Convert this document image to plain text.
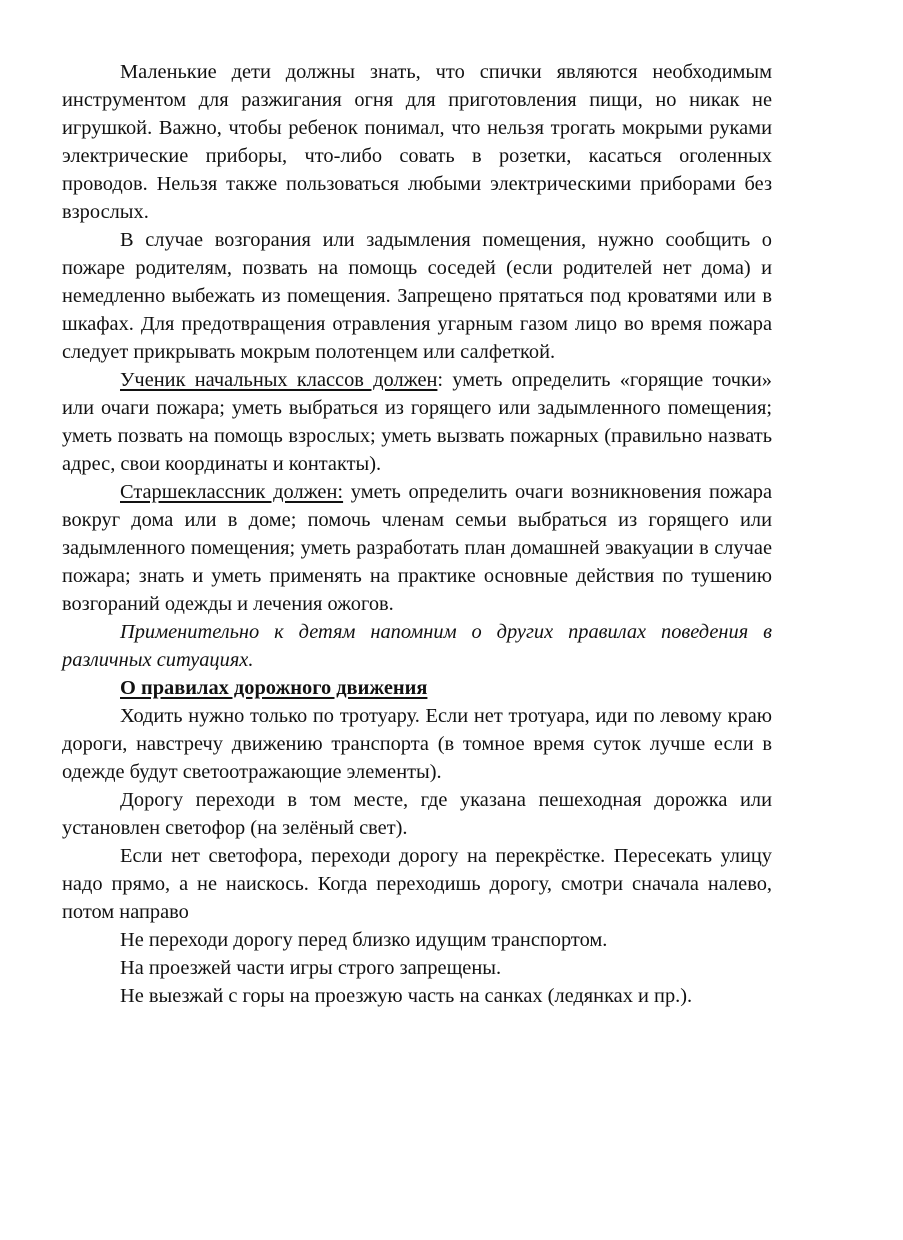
Маленькие дети должны знать, что спички являются необходимым инструментом для разжигания огня для приготовления пищи, но никак не игрушкой. Важно, чтобы ребенок понимал, что нельзя трогать мокрыми руками электрические приборы, что-либо совать в розетки, касаться оголенных проводов. Нельзя также пользоваться любыми электрическими приборами без взрослых.

В случае возгорания или задымления помещения, нужно сообщить о пожаре родителям, позвать на помощь соседей (если родителей нет дома) и немедленно выбежать из помещения. Запрещено прятаться под кроватями или в шкафах. Для предотвращения отравления угарным газом лицо во время пожара следует прикрывать мокрым полотенцем или салфеткой.

Ученик начальных классов должен: уметь определить «горящие точки» или очаги пожара; уметь выбраться из горящего или задымленного помещения; уметь позвать на помощь взрослых; уметь вызвать пожарных (правильно назвать адрес, свои координаты и контакты).

Старшеклассник должен: уметь определить очаги возникновения пожара вокруг дома или в доме; помочь членам семьи выбраться из горящего или задымленного помещения; уметь разработать план домашней эвакуации в случае пожара; знать и уметь применять на практике основные действия по тушению возгораний одежды и лечения ожогов.

Применительно к детям напомним о других правилах поведения в различных ситуациях.

О правилах дорожного движения

Ходить нужно только по тротуару. Если нет тротуара, иди по левому краю дороги, навстречу движению транспорта (в томное время суток лучше если в одежде будут светоотражающие элементы).

Дорогу переходи в том месте, где указана пешеходная дорожка или установлен светофор (на зелёный свет).

Если нет светофора, переходи дорогу на перекрёстке. Пересекать улицу надо прямо, а не наискось. Когда переходишь дорогу, смотри сначала налево, потом направо

Не переходи дорогу перед близко идущим транспортом.

На проезжей части игры строго запрещены.

Не выезжай с горы на проезжую часть на санках (ледянках и пр.).
